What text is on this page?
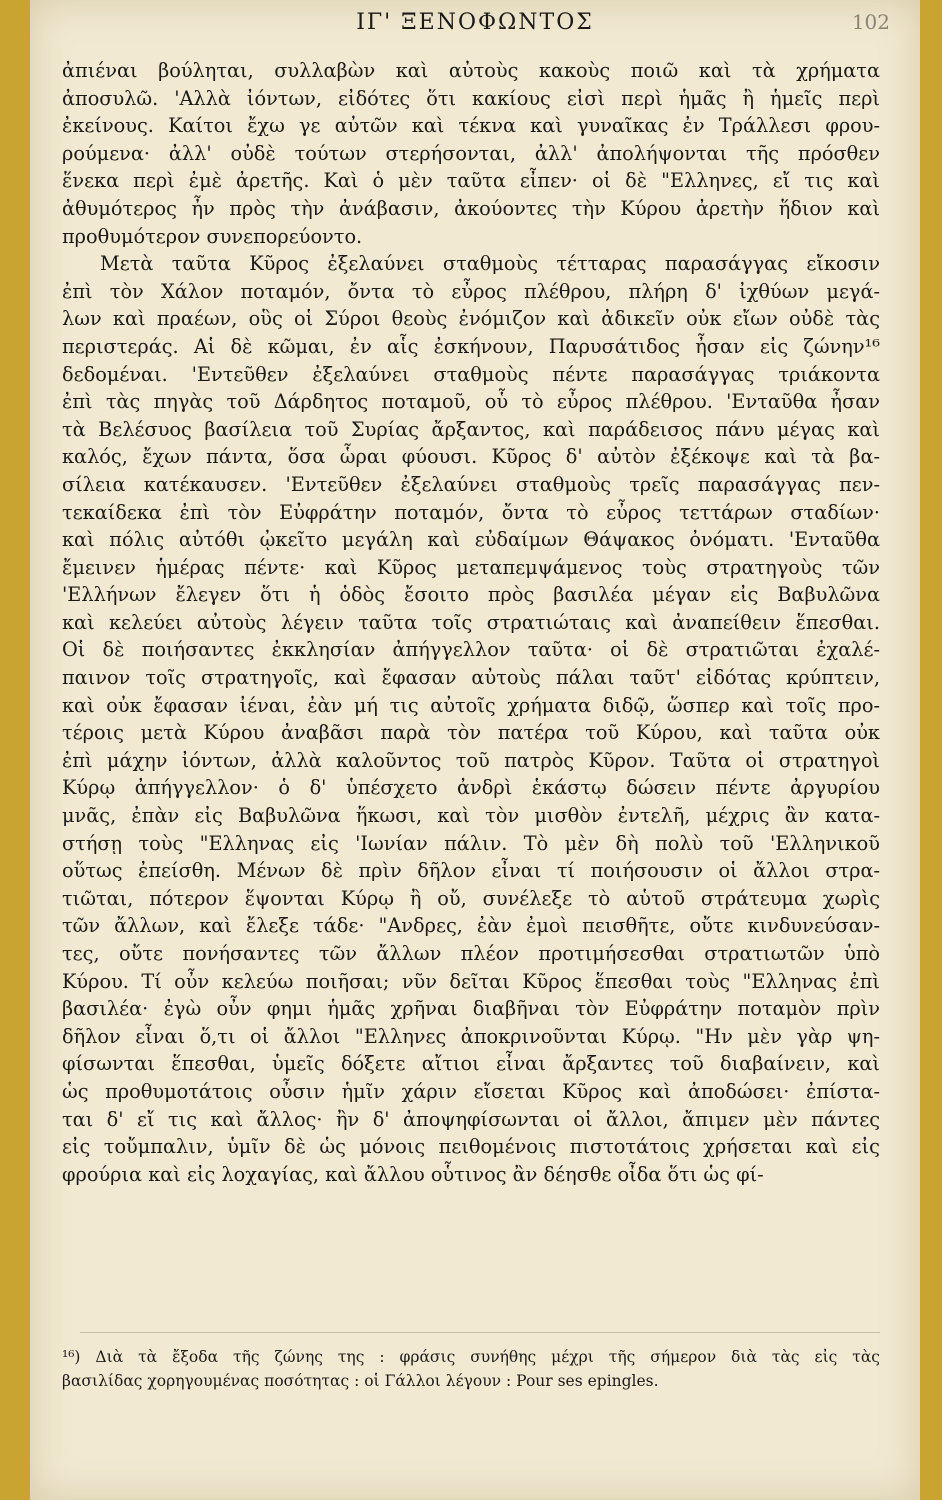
102
ΙΓ' ΞΕΝΟΦΩΝΤΟΣ
ἀπιέναι βούληται, συλλαβὼν καὶ αὐτοὺς κακοὺς ποιῶ καὶ τὰ χρήματα
ἀποσυλῶ. 'Αλλὰ ἰόντων, εἰδότες ὅτι κακίους εἰσὶ περὶ ἡμᾶς ἢ ἡμεῖς περὶ
ἐκείνους. Καίτοι ἔχω γε αὐτῶν καὶ τέκνα καὶ γυναῖκας ἐν Τράλλεσι φρου-
ρούμενα· ἀλλ' οὐδὲ τούτων στερήσονται, ἀλλ' ἀπολήψονται τῆς πρόσθεν
ἕνεκα περὶ ἐμὲ ἀρετῆς. Καὶ ὁ μὲν ταῦτα εἶπεν· οἱ δὲ "Ελληνες, εἴ τις καὶ
ἀθυμότερος ἦν πρὸς τὴν ἀνάβασιν, ἀκούοντες τὴν Κύρου ἀρετὴν ἥδιον καὶ
προθυμότερον συνεπορεύοντο.
Μετὰ ταῦτα Κῦρος ἐξελαύνει σταθμοὺς τέτταρας παρασάγγας εἴκοσιν
ἐπὶ τὸν Χάλον ποταμόν, ὄντα τὸ εὖρος πλέθρου, πλήρη δ' ἰχθύων μεγά-
λων καὶ πραέων, οὓς οἱ Σύροι θεοὺς ἐνόμιζον καὶ ἀδικεῖν οὐκ εἴων οὐδὲ τὰς
περιστεράς. Αἱ δὲ κῶμαι, ἐν αἷς ἐσκήνουν, Παρυσάτιδος ἦσαν εἰς ζώνην¹⁶
δεδομέναι. 'Εντεῦθεν ἐξελαύνει σταθμοὺς πέντε παρασάγγας τριάκοντα
ἐπὶ τὰς πηγὰς τοῦ Δάρδητος ποταμοῦ, οὗ τὸ εὖρος πλέθρου. 'Ενταῦθα ἦσαν
τὰ Βελέσυος βασίλεια τοῦ Συρίας ἄρξαντος, καὶ παράδεισος πάνυ μέγας καὶ
καλός, ἔχων πάντα, ὅσα ὧραι φύουσι. Κῦρος δ' αὐτὸν ἐξέκοψε καὶ τὰ βα-
σίλεια κατέκαυσεν. 'Εντεῦθεν ἐξελαύνει σταθμοὺς τρεῖς παρασάγγας πεν-
τεκαίδεκα ἐπὶ τὸν Εὐφράτην ποταμόν, ὄντα τὸ εὖρος τεττάρων σταδίων·
καὶ πόλις αὐτόθι ᾠκεῖτο μεγάλη καὶ εὐδαίμων Θάψακος ὀνόματι. 'Ενταῦθα
ἔμεινεν ἡμέρας πέντε· καὶ Κῦρος μεταπεμψάμενος τοὺς στρατηγοὺς τῶν
'Ελλήνων ἔλεγεν ὅτι ἡ ὁδὸς ἔσοιτο πρὸς βασιλέα μέγαν εἰς Βαβυλῶνα
καὶ κελεύει αὐτοὺς λέγειν ταῦτα τοῖς στρατιώταις καὶ ἀναπείθειν ἕπεσθαι.
Οἱ δὲ ποιήσαντες ἐκκλησίαν ἀπήγγελλον ταῦτα· οἱ δὲ στρατιῶται ἐχαλέ-
παινον τοῖς στρατηγοῖς, καὶ ἔφασαν αὐτοὺς πάλαι ταῦτ' εἰδότας κρύπτειν,
καὶ οὐκ ἔφασαν ἰέναι, ἐὰν μή τις αὐτοῖς χρήματα διδῷ, ὥσπερ καὶ τοῖς προ-
τέροις μετὰ Κύρου ἀναβᾶσι παρὰ τὸν πατέρα τοῦ Κύρου, καὶ ταῦτα οὐκ
ἐπὶ μάχην ἰόντων, ἀλλὰ καλοῦντος τοῦ πατρὸς Κῦρον. Ταῦτα οἱ στρατηγοὶ
Κύρῳ ἀπήγγελλον· ὁ δ' ὑπέσχετο ἀνδρὶ ἑκάστῳ δώσειν πέντε ἀργυρίου
μνᾶς, ἐπὰν εἰς Βαβυλῶνα ἥκωσι, καὶ τὸν μισθὸν ἐντελῆ, μέχρις ἂν κατα-
στήσῃ τοὺς "Ελληνας εἰς 'Ιωνίαν πάλιν. Τὸ μὲν δὴ πολὺ τοῦ 'Ελληνικοῦ
οὕτως ἐπείσθη. Μένων δὲ πρὶν δῆλον εἶναι τί ποιήσουσιν οἱ ἄλλοι στρα-
τιῶται, πότερον ἕψονται Κύρῳ ἢ οὔ, συνέλεξε τὸ αὑτοῦ στράτευμα χωρὶς
τῶν ἄλλων, καὶ ἔλεξε τάδε· "Ανδρες, ἐὰν ἐμοὶ πεισθῆτε, οὔτε κινδυνεύσαν-
τες, οὔτε πονήσαντες τῶν ἄλλων πλέον προτιμήσεσθαι στρατιωτῶν ὑπὸ
Κύρου. Τί οὖν κελεύω ποιῆσαι; νῦν δεῖται Κῦρος ἕπεσθαι τοὺς "Ελληνας ἐπὶ
βασιλέα· ἐγὼ οὖν φημι ἡμᾶς χρῆναι διαβῆναι τὸν Εὐφράτην ποταμὸν πρὶν
δῆλον εἶναι ὅ,τι οἱ ἄλλοι "Ελληνες ἀποκρινοῦνται Κύρῳ. "Ην μὲν γὰρ ψη-
φίσωνται ἕπεσθαι, ὑμεῖς δόξετε αἴτιοι εἶναι ἄρξαντες τοῦ διαβαίνειν, καὶ
ὡς προθυμοτάτοις οὖσιν ἡμῖν χάριν εἴσεται Κῦρος καὶ ἀποδώσει· ἐπίστα-
ται δ' εἴ τις καὶ ἄλλος· ἢν δ' ἀποψηφίσωνται οἱ ἄλλοι, ἄπιμεν μὲν πάντες
εἰς τοὔμπαλιν, ὑμῖν δὲ ὡς μόνοις πειθομένοις πιστοτάτοις χρήσεται καὶ εἰς
φρούρια καὶ εἰς λοχαγίας, καὶ ἄλλου οὗτινος ἂν δέησθε οἶδα ὅτι ὡς φί-
¹⁶) Διὰ τὰ ἔξοδα τῆς ζώνης της : φράσις συνήθης μέχρι τῆς σήμερον διὰ τὰς εἰς τὰς
βασιλίδας χορηγουμένας ποσότητας : οἱ Γάλλοι λέγουν : Pour ses epingles.
